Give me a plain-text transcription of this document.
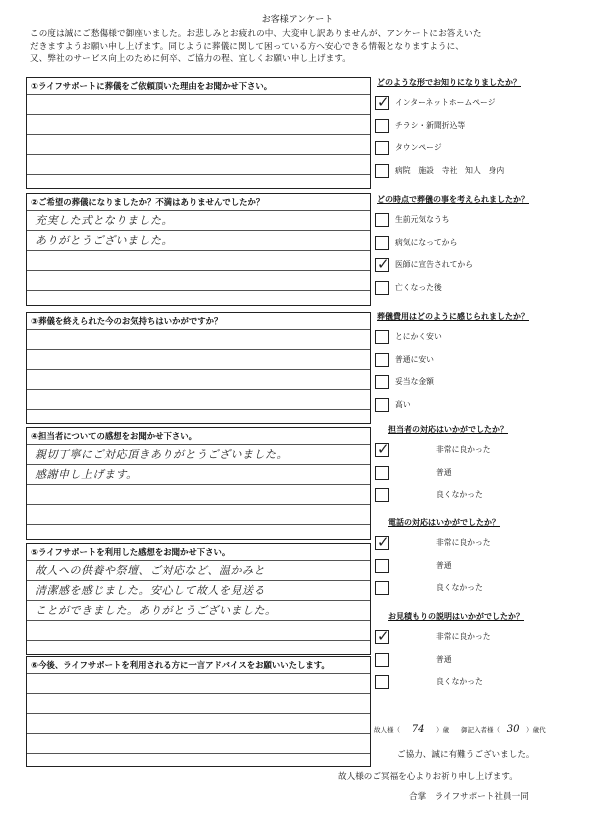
お客様アンケート
この度は誠にご愁傷様で御座いました。お悲しみとお疲れの中、大変申し訳ありませんが、アンケートにお答えいた
だきますようお願い申し上げます。同じように葬儀に関して困っている方へ安心できる情報となりますように、
又、弊社のサービス向上のために何卒、ご協力の程、宜しくお願い申し上げます。
①ライフサポートに葬儀をご依頼頂いた理由をお聞かせ下さい。
②ご希望の葬儀になりましたか？不満はありませんでしたか？
充実した式となりました。
ありがとうございました。
③葬儀を終えられた今のお気持ちはいかがですか？
④担当者についての感想をお聞かせ下さい。
親切丁寧にご対応頂きありがとうございました。
感謝申し上げます。
⑤ライフサポートを利用した感想をお聞かせ下さい。
故人への供養や祭壇、ご対応など、温かみと
清潔感を感じました。安心して故人を見送る
ことができました。ありがとうございました。
⑥今後、ライフサポートを利用される方に一言アドバイスをお願いいたします。
どのような形でお知りになりましたか？
✓ インターネットホームページ
チラシ・新聞折込等
タウンページ
病院　施設　寺社　知人　身内
どの時点で葬儀の事を考えられましたか？
生前元気なうち
病気になってから
✓ 医師に宣告されてから
亡くなった後
葬儀費用はどのように感じられましたか？
とにかく安い
普通に安い
妥当な金額
高い
担当者の対応はいかがでしたか？
✓	非常に良かった
普通
良くなかった
電話の対応はいかがでしたか？
✓	非常に良かった
普通
良くなかった
お見積もりの説明はいかがでしたか？
✓	非常に良かった
普通
良くなかった
故人様（ 74 ）歳 御記入者様（ 30 ）歳代
ご協力、誠に有難うございました。
故人様のご冥福を心よりお祈り申し上げます。
合掌　ライフサポート社員一同
